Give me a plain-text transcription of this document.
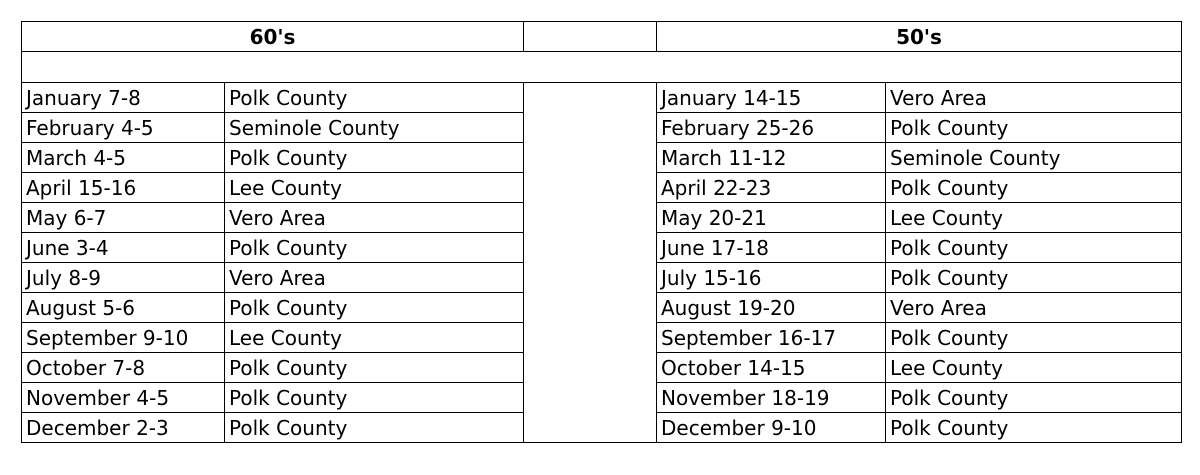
60's			50's	

January 7-8	Polk County		January 14-15	Vero Area
February 4-5	Seminole County		February 25-26	Polk County
March 4-5	Polk County		March 11-12	Seminole County
April 15-16	Lee County		April 22-23	Polk County
May 6-7	Vero Area		May 20-21	Lee County
June 3-4	Polk County		June 17-18	Polk County
July 8-9	Vero Area		July 15-16	Polk County
August 5-6	Polk County		August 19-20	Vero Area
September 9-10	Lee County		September 16-17	Polk County
October 7-8	Polk County		October 14-15	Lee County
November 4-5	Polk County		November 18-19	Polk County
December 2-3	Polk County		December 9-10	Polk County
